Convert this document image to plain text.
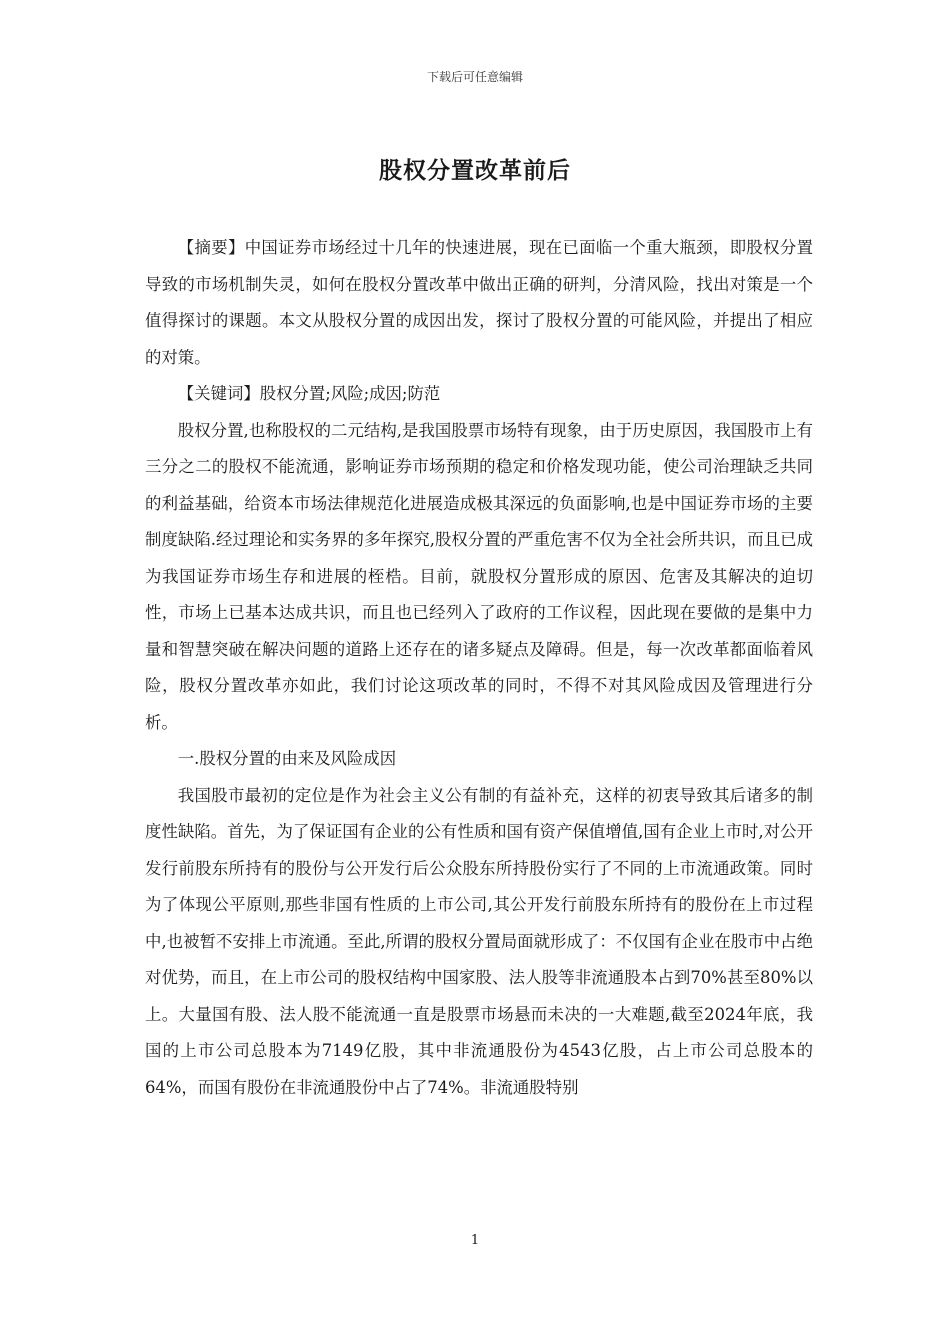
下载后可任意编辑
股权分置改革前后

【摘要】中国证券市场经过十几年的快速进展，现在已面临一个重大瓶颈，即股权分置导致的市场机制失灵，如何在股权分置改革中做出正确的研判，分清风险，找出对策是一个值得探讨的课题。本文从股权分置的成因出发，探讨了股权分置的可能风险，并提出了相应的对策。

【关键词】股权分置;风险;成因;防范

股权分置,也称股权的二元结构,是我国股票市场特有现象，由于历史原因，我国股市上有三分之二的股权不能流通，影响证券市场预期的稳定和价格发现功能，使公司治理缺乏共同的利益基础，给资本市场法律规范化进展造成极其深远的负面影响,也是中国证券市场的主要制度缺陷.经过理论和实务界的多年探究,股权分置的严重危害不仅为全社会所共识，而且已成为我国证券市场生存和进展的桎梏。目前，就股权分置形成的原因、危害及其解决的迫切性，市场上已基本达成共识，而且也已经列入了政府的工作议程，因此现在要做的是集中力量和智慧突破在解决问题的道路上还存在的诸多疑点及障碍。但是，每一次改革都面临着风险，股权分置改革亦如此，我们讨论这项改革的同时，不得不对其风险成因及管理进行分析。

一.股权分置的由来及风险成因

我国股市最初的定位是作为社会主义公有制的有益补充，这样的初衷导致其后诸多的制度性缺陷。首先，为了保证国有企业的公有性质和国有资产保值增值,国有企业上市时,对公开发行前股东所持有的股份与公开发行后公众股东所持股份实行了不同的上市流通政策。同时为了体现公平原则,那些非国有性质的上市公司,其公开发行前股东所持有的股份在上市过程中,也被暂不安排上市流通。至此,所谓的股权分置局面就形成了：不仅国有企业在股市中占绝对优势，而且，在上市公司的股权结构中国家股、法人股等非流通股本占到70%甚至80%以上。大量国有股、法人股不能流通一直是股票市场悬而未决的一大难题,截至2024年底，我国的上市公司总股本为7149亿股，其中非流通股份为4543亿股，占上市公司总股本的64%，而国有股份在非流通股份中占了74%。非流通股特别

1
